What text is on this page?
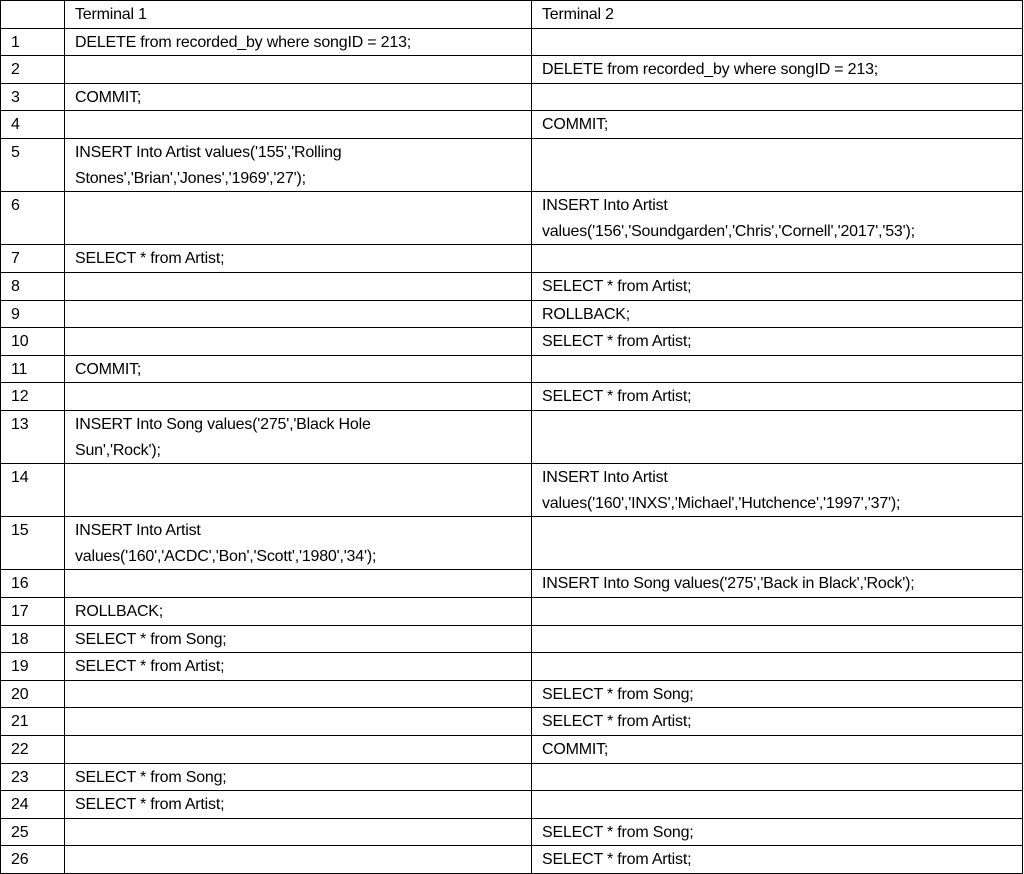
	Terminal 1	Terminal 2
1	DELETE from recorded_by where songID = 213;	
2		DELETE from recorded_by where songID = 213;
3	COMMIT;	
4		COMMIT;
5	INSERT Into Artist values('155','Rolling
Stones','Brian','Jones','1969','27');	
6		INSERT Into Artist
values('156','Soundgarden','Chris','Cornell','2017','53');
7	SELECT * from Artist;	
8		SELECT * from Artist;
9		ROLLBACK;
10		SELECT * from Artist;
11	COMMIT;	
12		SELECT * from Artist;
13	INSERT Into Song values('275','Black Hole
Sun','Rock');	
14		INSERT Into Artist
values('160','INXS','Michael','Hutchence','1997','37');
15	INSERT Into Artist
values('160','ACDC','Bon','Scott','1980','34');	
16		INSERT Into Song values('275','Back in Black','Rock');
17	ROLLBACK;	
18	SELECT * from Song;	
19	SELECT * from Artist;	
20		SELECT * from Song;
21		SELECT * from Artist;
22		COMMIT;
23	SELECT * from Song;	
24	SELECT * from Artist;	
25		SELECT * from Song;
26		SELECT * from Artist;
